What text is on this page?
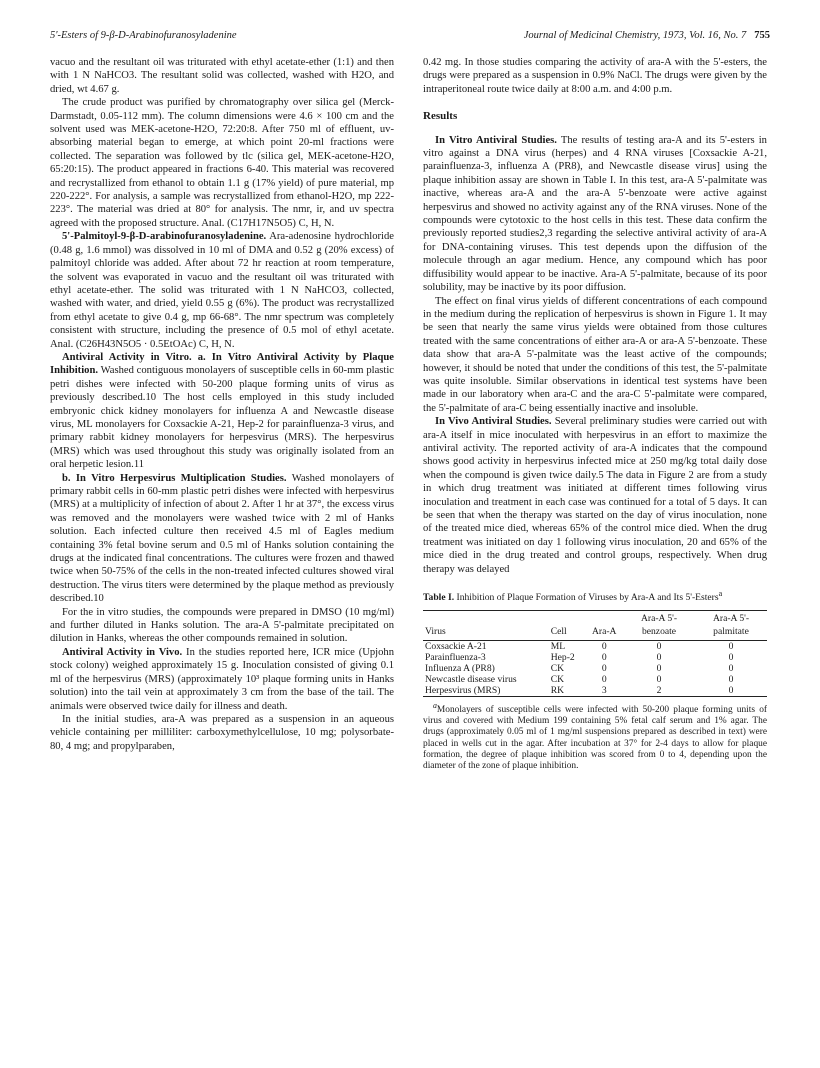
5'-Esters of 9-β-D-Arabinofuranosyladenine	Journal of Medicinal Chemistry, 1973, Vol. 16, No. 7 755

vacuo and the resultant oil was triturated with ethyl acetate-ether (1:1) and then with 1 N NaHCO3. The resultant solid was collected, washed with H2O, and dried, wt 4.67 g.

The crude product was purified by chromatography over silica gel (Merck-Darmstadt, 0.05-112 mm). The column dimensions were 4.6 × 100 cm and the solvent used was MEK-acetone-H2O, 72:20:8. After 750 ml of effluent, uv-absorbing material began to emerge, at which point 20-ml fractions were collected. The separation was followed by tlc (silica gel, MEK-acetone-H2O, 65:20:15). The product appeared in fractions 6-40. This material was recovered and recrystallized from ethanol to obtain 1.1 g (17% yield) of pure material, mp 220-222°. For analysis, a sample was recrystallized from ethanol-H2O, mp 222-223°. The material was dried at 80° for analysis. The nmr, ir, and uv spectra agreed with the proposed structure. Anal. (C17H17N5O5) C, H, N.

5'-Palmitoyl-9-β-D-arabinofuranosyladenine. Ara-adenosine hydrochloride (0.48 g, 1.6 mmol) was dissolved in 10 ml of DMA and 0.52 g (20% excess) of palmitoyl chloride was added. After about 72 hr reaction at room temperature, the solvent was evaporated in vacuo and the resultant oil was triturated with ethyl acetate-ether. The solid was triturated with 1 N NaHCO3, collected, washed with water, and dried, yield 0.55 g (6%). The product was recrystallized from ethyl acetate to give 0.4 g, mp 66-68°. The nmr spectrum was completely consistent with structure, including the presence of 0.5 mol of ethyl acetate. Anal. (C26H43N5O5 · 0.5EtOAc) C, H, N.

Antiviral Activity in Vitro. a. In Vitro Antiviral Activity by Plaque Inhibition. Washed contiguous monolayers of susceptible cells in 60-mm plastic petri dishes were infected with 50-200 plaque forming units of virus as previously described.10 The host cells employed in this study included embryonic chick kidney monolayers for influenza A and Newcastle disease virus, ML monolayers for Coxsackie A-21, Hep-2 for parainfluenza-3 virus, and primary rabbit kidney monolayers for herpesvirus (MRS). The herpesvirus (MRS) which was used throughout this study was originally isolated from an oral herpetic lesion.11

b. In Vitro Herpesvirus Multiplication Studies. Washed monolayers of primary rabbit cells in 60-mm plastic petri dishes were infected with herpesvirus (MRS) at a multiplicity of infection of about 2. After 1 hr at 37°, the excess virus was removed and the monolayers were washed twice with 2 ml of Hanks solution. Each infected culture then received 4.5 ml of Eagles medium containing 3% fetal bovine serum and 0.5 ml of Hanks solution containing the drugs at the indicated final concentrations. The cultures were frozen and thawed twice when 50-75% of the cells in the non-treated infected cultures showed viral destruction. The virus titers were determined by the plaque method as previously described.10

For the in vitro studies, the compounds were prepared in DMSO (10 mg/ml) and further diluted in Hanks solution. The ara-A 5'-palmitate precipitated on dilution in Hanks, whereas the other compounds remained in solution.

Antiviral Activity in Vivo. In the studies reported here, ICR mice (Upjohn stock colony) weighed approximately 15 g. Inoculation consisted of giving 0.1 ml of the herpesvirus (MRS) (approximately 10³ plaque forming units in Hanks solution) into the tail vein at approximately 3 cm from the base of the tail. The animals were observed twice daily for illness and death.

In the initial studies, ara-A was prepared as a suspension in an aqueous vehicle containing per milliliter: carboxymethylcellulose, 10 mg; polysorbate-80, 4 mg; and propylparaben,

0.42 mg. In those studies comparing the activity of ara-A with the 5'-esters, the drugs were prepared as a suspension in 0.9% NaCl. The drugs were given by the intraperitoneal route twice daily at 8:00 a.m. and 4:00 p.m.

Results

In Vitro Antiviral Studies. The results of testing ara-A and its 5'-esters in vitro against a DNA virus (herpes) and 4 RNA viruses [Coxsackie A-21, parainfluenza-3, influenza A (PR8), and Newcastle disease virus] using the plaque inhibition assay are shown in Table I. In this test, ara-A 5'-palmitate was inactive, whereas ara-A and the ara-A 5'-benzoate were active against herpesvirus and showed no activity against any of the RNA viruses. None of the compounds were cytotoxic to the host cells in this test. These data confirm the previously reported studies2,3 regarding the selective antiviral activity of ara-A for DNA-containing viruses. This test depends upon the diffusion of the molecule through an agar medium. Hence, any compound which has poor diffusibility would appear to be inactive. Ara-A 5'-palmitate, because of its poor solubility, may be inactive by its poor diffusion.

The effect on final virus yields of different concentrations of each compound in the medium during the replication of herpesvirus is shown in Figure 1. It may be seen that nearly the same virus yields were obtained from those cultures treated with the same concentrations of either ara-A or ara-A 5'-benzoate. These data show that ara-A 5'-palmitate was the least active of the compounds; however, it should be noted that under the conditions of this test, the 5'-palmitate was quite insoluble. Similar observations in identical test systems have been made in our laboratory when ara-C and the ara-C 5'-palmitate were compared, the 5'-palmitate of ara-C being essentially inactive and insoluble.

In Vivo Antiviral Studies. Several preliminary studies were carried out with ara-A itself in mice inoculated with herpesvirus in an effort to maximize the antiviral activity. The reported activity of ara-A indicates that the compound shows good activity in herpesvirus infected mice at 250 mg/kg total daily dose when the compound is given twice daily.5 The data in Figure 2 are from a study in which drug treatment was initiated at different times following virus inoculation and treatment in each case was continued for a total of 5 days. It can be seen that when the therapy was started on the day of virus inoculation, none of the treated mice died, whereas 65% of the control mice died. When the drug treatment was initiated on day 1 following virus inoculation, 20 and 65% of the mice died in the drug treated and control groups, respectively. When drug therapy was delayed

Table I. Inhibition of Plaque Formation of Viruses by Ara-A and Its 5'-Esters$^a$
Virus	Cell	Ara-A	Ara-A 5'-benzoate	Ara-A 5'-palmitate
Coxsackie A-21	ML	0	0	0
Parainfluenza-3	Hep-2	0	0	0
Influenza A (PR8)	CK	0	0	0
Newcastle disease virus	CK	0	0	0
Herpesvirus (MRS)	RK	3	2	0
$^a$Monolayers of susceptible cells were infected with 50-200 plaque forming units of virus and covered with Medium 199 containing 5% fetal calf serum and 1% agar. The drugs (approximately 0.05 ml of 1 mg/ml suspensions prepared as described in text) were placed in wells cut in the agar. After incubation at 37° for 2-4 days to allow for plaque formation, the degree of plaque inhibition was scored from 0 to 4, depending upon the diameter of the zone of plaque inhibition.
